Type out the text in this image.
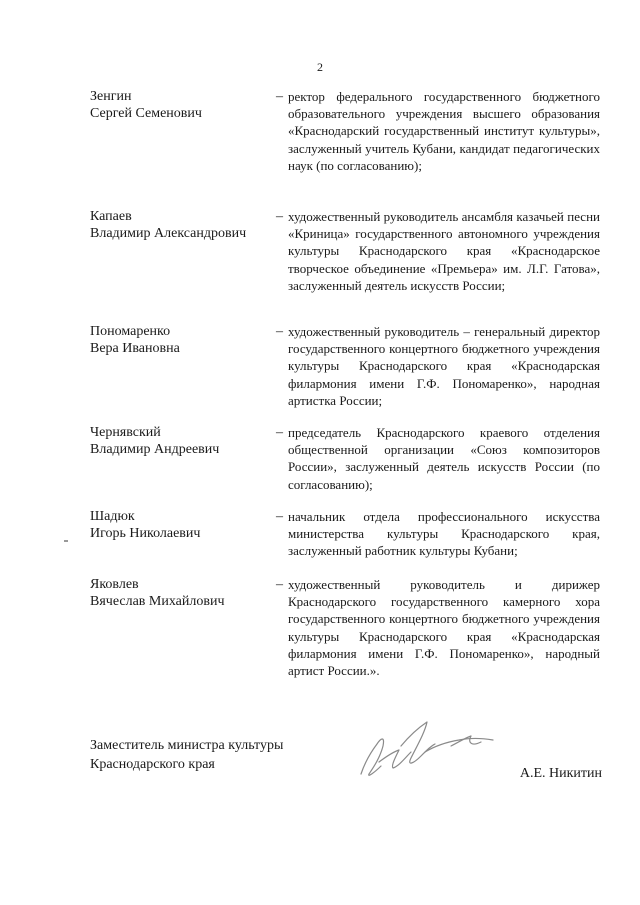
2
Зенгин
Сергей Семенович
– ректор федерального государственного бюджетного образовательного учреждения высшего образования «Краснодарский государственный институт культуры», заслуженный учитель Кубани, кандидат педагогических наук (по согласованию);
Капаев
Владимир Александрович
– художественный руководитель ансамбля казачьей песни «Криница» государственного автономного учреждения культуры Краснодарского края «Краснодарское творческое объединение «Премьера» им. Л.Г. Гатова», заслуженный деятель искусств России;
Пономаренко
Вера Ивановна
– художественный руководитель – генеральный директор государственного концертного бюджетного учреждения культуры Краснодарского края «Краснодарская филармония имени Г.Ф. Пономаренко», народная артистка России;
Чернявский
Владимир Андреевич
– председатель Краснодарского краевого отделения общественной организации «Союз композиторов России», заслуженный деятель искусств России (по согласованию);
Шадюк
Игорь Николаевич
– начальник отдела профессионального искусства министерства культуры Краснодарского края, заслуженный работник культуры Кубани;
Яковлев
Вячеслав Михайлович
– художественный руководитель и дирижер Краснодарского государственного камерного хора государственного концертного бюджетного учреждения культуры Краснодарского края «Краснодарская филармония имени Г.Ф. Пономаренко», народный артист России.».
Заместитель министра культуры
Краснодарского края
А.Е. Никитин
